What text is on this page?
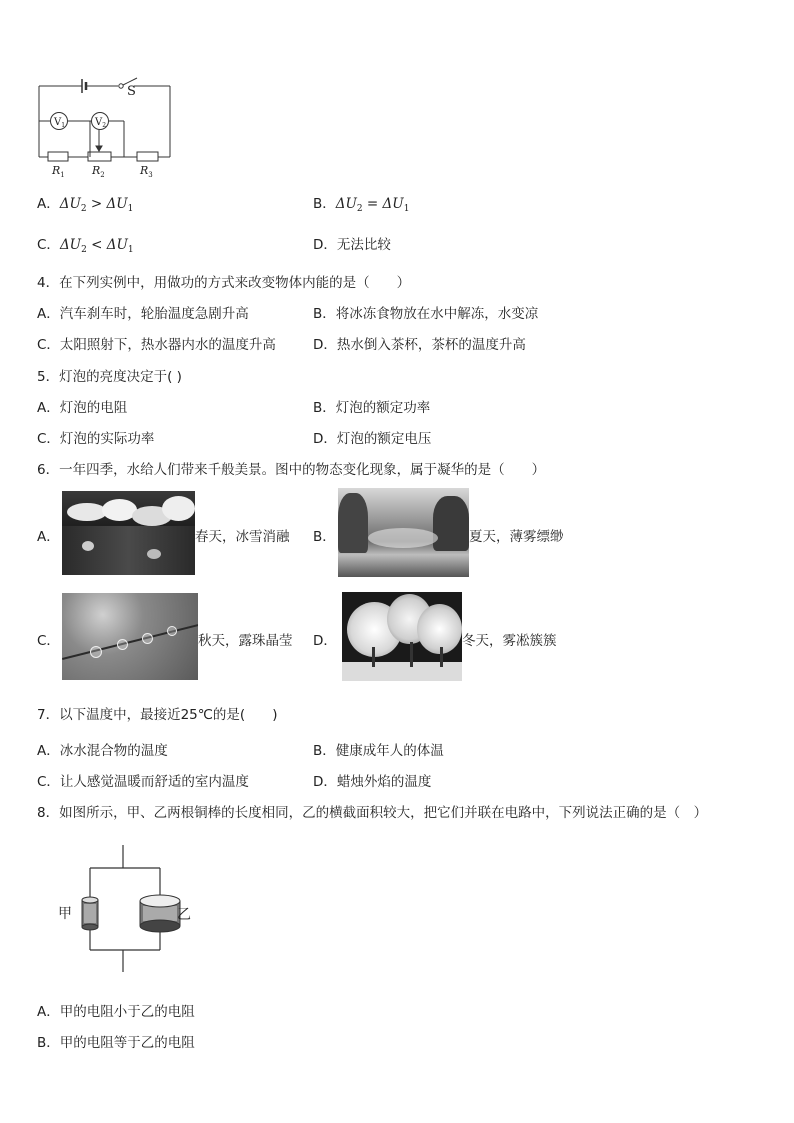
S
$V_1$	$V_2$
$R_1$ $R_2$	$R_3$
A．$\Delta U_2 > \Delta U_1$	B．$\Delta U_2 = \Delta U_1$
C．$\Delta U_2 < \Delta U_1$	D．无法比较
4．在下列实例中，用做功的方式来改变物体内能的是（　　）
A．汽车刹车时，轮胎温度急剧升高	B．将冰冻食物放在水中解冻，水变凉
C．太阳照射下，热水器内水的温度升高	D．热水倒入茶杯，茶杯的温度升高
5．灯泡的亮度决定于( )
A．灯泡的电阻	B．灯泡的额定功率
C．灯泡的实际功率	D．灯泡的额定电压
6．一年四季，水给人们带来千般美景。图中的物态变化现象，属于凝华的是（　　）
A．	春天，冰雪消融 B．	夏天，薄雾缥缈
C．	秋天，露珠晶莹 D．	冬天，雾凇簇簇
7．以下温度中，最接近25℃的是(　　)
A．冰水混合物的温度	B．健康成年人的体温
C．让人感觉温暖而舒适的室内温度	D．蜡烛外焰的温度
8．如图所示，甲、乙两根铜棒的长度相同，乙的横截面积较大，把它们并联在电路中，下列说法正确的是（　）
甲	乙
A．甲的电阻小于乙的电阻
B．甲的电阻等于乙的电阻
